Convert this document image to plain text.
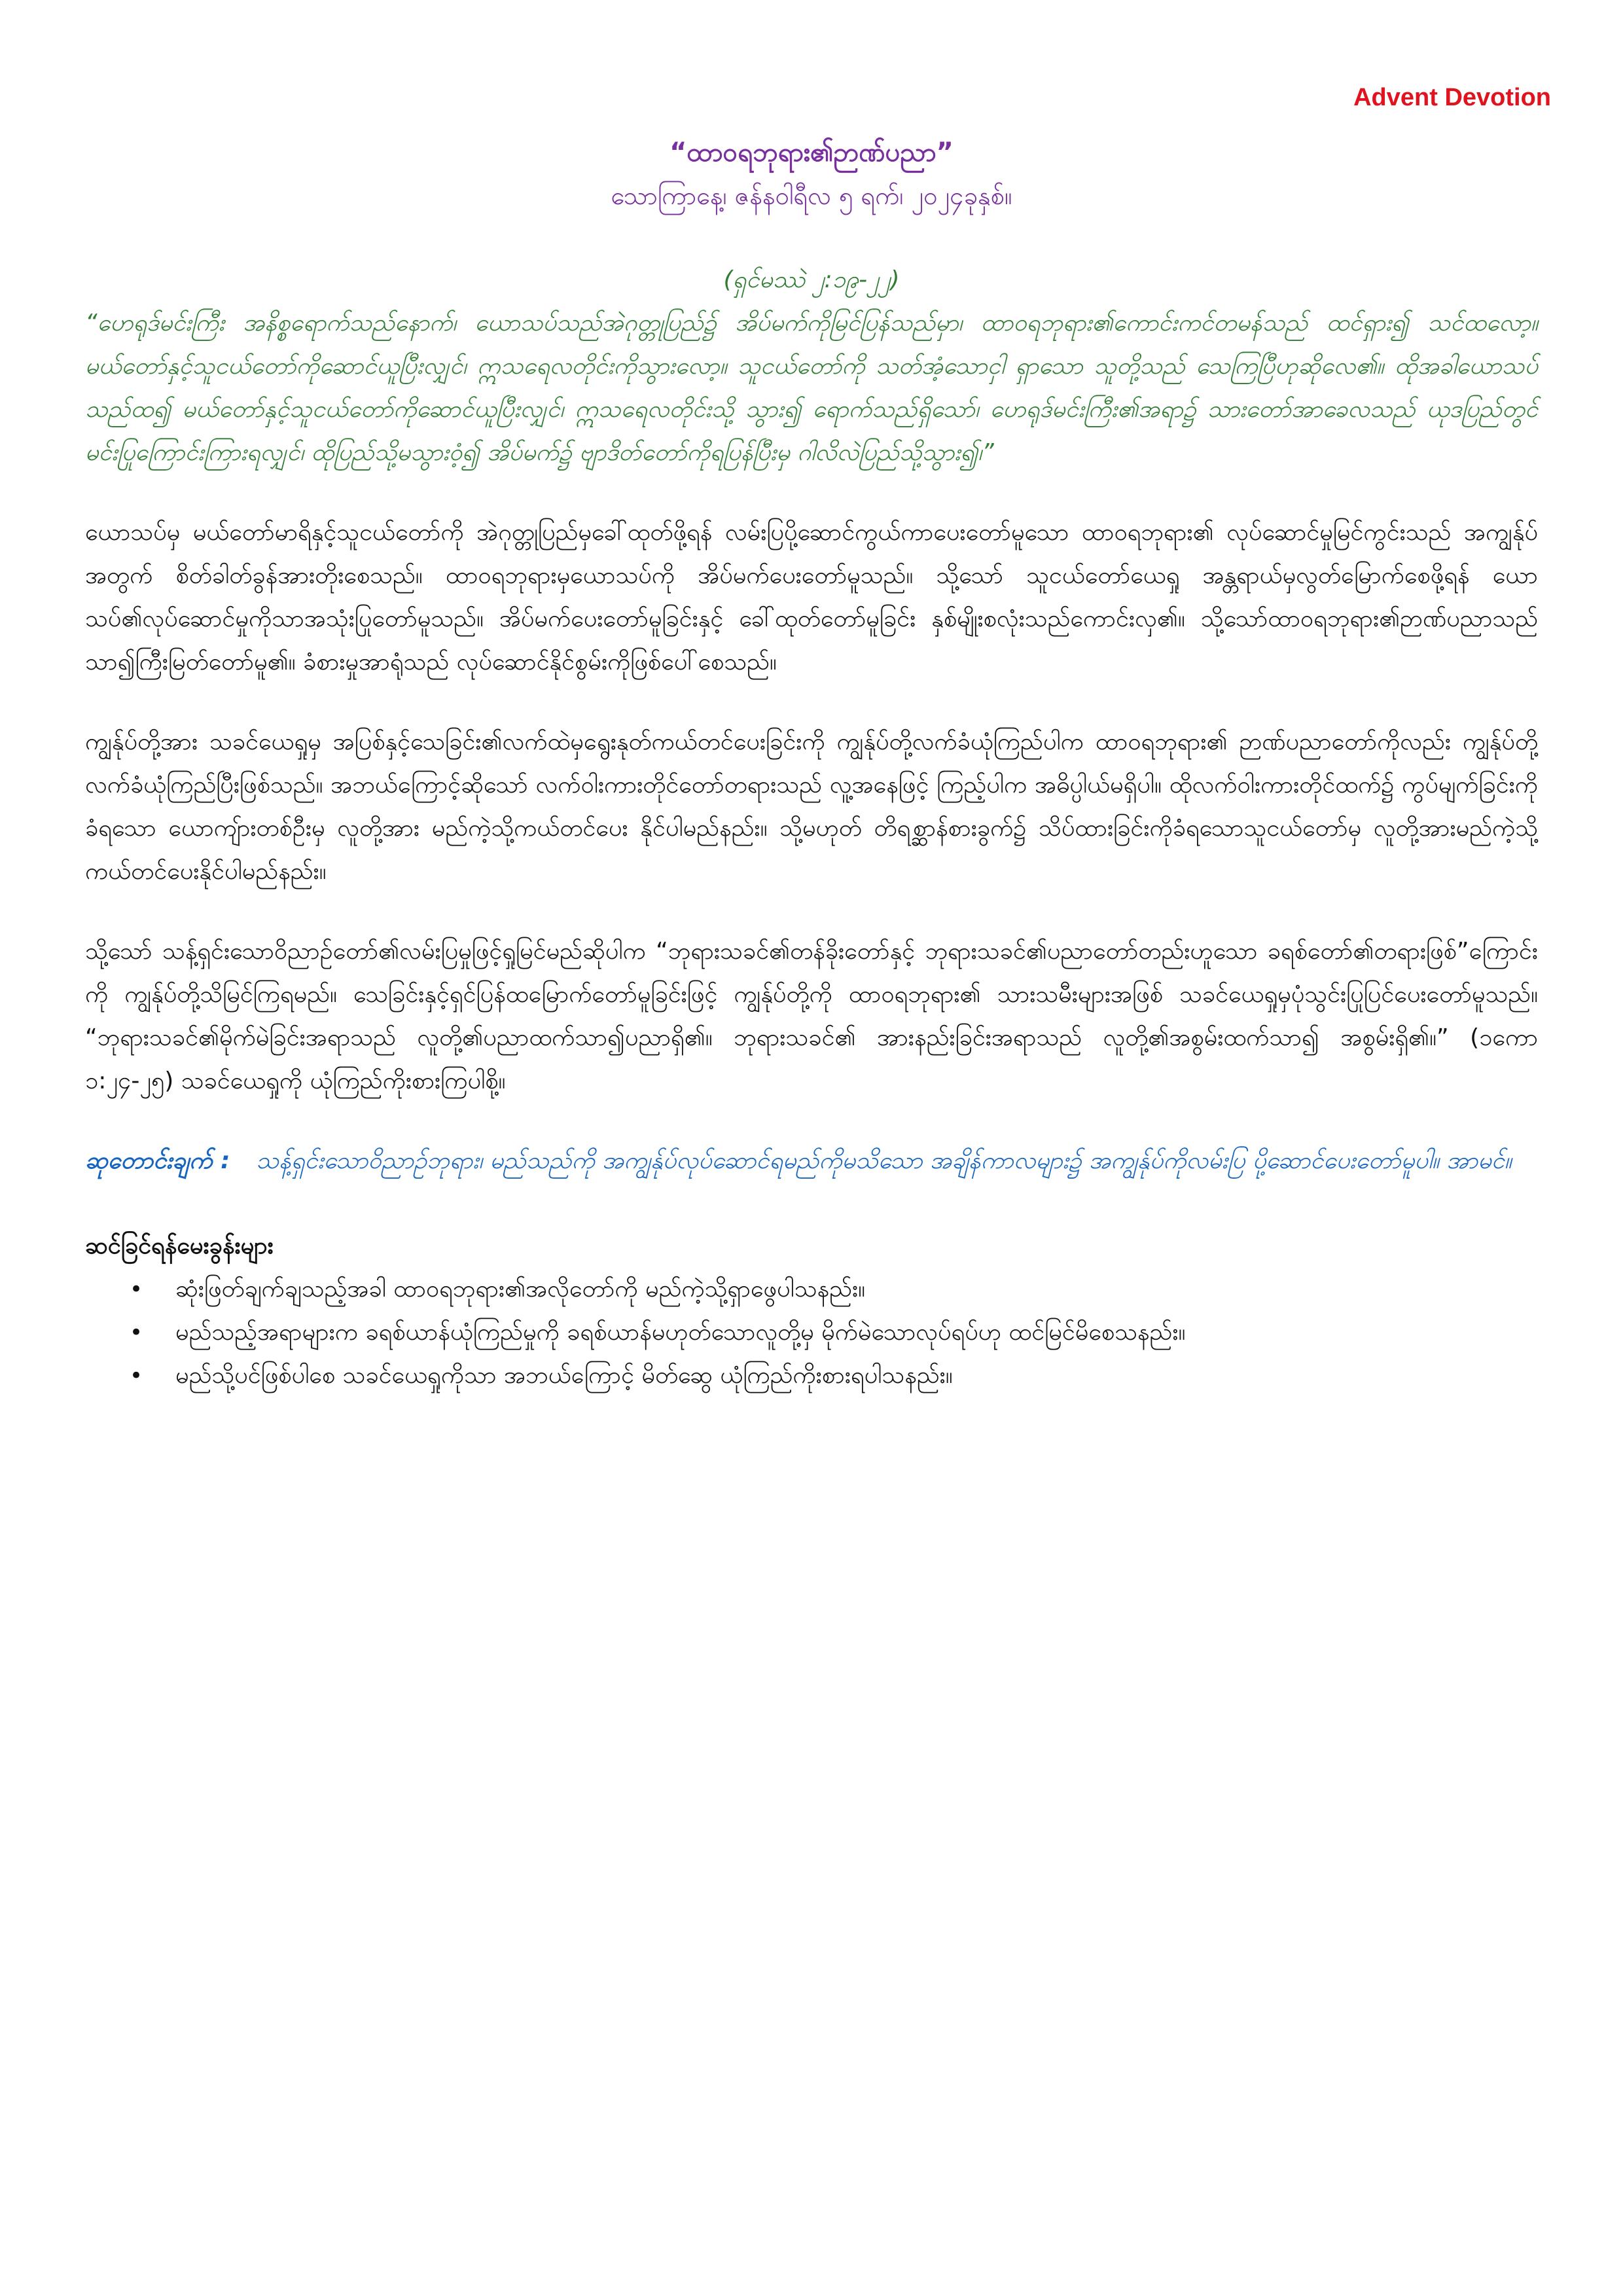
Advent Devotion
“ထာဝရဘုရား၏ဉာဏ်ပညာ”
သောကြာနေ့၊ ဇန်နဝါရီလ ၅ ရက်၊ ၂၀၂၄ခုနှစ်။

(ရှင်မဿဲ ၂:၁၉-၂၂)

“ဟေရုဒ်မင်းကြီး အနိစ္စရောက်သည်နောက်၊ ယောသပ်သည်အဲဂုတ္တုပြည်၌ အိပ်မက်ကိုမြင်ပြန်သည်မှာ၊ ထာဝရဘုရား၏ကောင်းကင်တမန်သည် ထင်ရှား၍ သင်ထလော့။ မယ်တော်နှင့်သူငယ်တော်ကိုဆောင်ယူပြီးလျှင်၊ ဣသရေလတိုင်းကိုသွားလော့။ သူငယ်တော်ကို သတ်အံ့သောငှါ ရှာသော သူတို့သည် သေကြပြီဟုဆိုလေ၏။ ထိုအခါယောသပ်သည်ထ၍ မယ်တော်နှင့်သူငယ်တော်ကိုဆောင်ယူပြီးလျှင်၊ ဣသရေလတိုင်းသို့ သွား၍ ရောက်သည်ရှိသော်၊ ဟေရုဒ်မင်းကြီး၏အရာ၌ သားတော်အာခေလသည် ယုဒပြည်တွင် မင်းပြုကြောင်းကြားရလျှင်၊ ထိုပြည်သို့မသွားဝံ့၍ အိပ်မက်၌ ဗျာဒိတ်တော်ကိုရပြန်ပြီးမှ ဂါလိလဲပြည်သို့သွား၍၊”

ယောသပ်မှ မယ်တော်မာရိနှင့်သူငယ်တော်ကို အဲဂုတ္တုပြည်မှခေါ်ထုတ်ဖို့ရန် လမ်းပြပို့ဆောင်ကွယ်ကာပေးတော်မူသော ထာဝရဘုရား၏ လုပ်ဆောင်မှုမြင်ကွင်းသည် အကျွန်ုပ်အတွက် စိတ်ခါတ်ခွန်အားတိုးစေသည်။ ထာဝရဘုရားမှယောသပ်ကို အိပ်မက်ပေးတော်မူသည်။ သို့သော် သူငယ်တော်ယေရှု အန္တရာယ်မှလွတ်မြောက်စေဖို့ရန် ယောသပ်၏လုပ်ဆောင်မှုကိုသာအသုံးပြုတော်မူသည်။ အိပ်မက်ပေးတော်မူခြင်းနှင့် ခေါ်ထုတ်တော်မူခြင်း နှစ်မျိုးစလုံးသည်ကောင်းလှ၏။ သို့သော်ထာဝရဘုရား၏ဉာဏ်ပညာသည် သာ၍ကြီးမြတ်တော်မူ၏။ ခံစားမှုအာရုံသည် လုပ်ဆောင်နိုင်စွမ်းကိုဖြစ်ပေါ်စေသည်။

ကျွန်ုပ်တို့အား သခင်ယေရှုမှ အပြစ်နှင့်သေခြင်း၏လက်ထဲမှရွေးနုတ်ကယ်တင်ပေးခြင်းကို ကျွန်ုပ်တို့လက်ခံယုံကြည်ပါက ထာဝရဘုရား၏ ဉာဏ်ပညာတော်ကိုလည်း ကျွန်ုပ်တို့လက်ခံယုံကြည်ပြီးဖြစ်သည်။ အဘယ်ကြောင့်ဆိုသော် လက်ဝါးကားတိုင်တော်တရားသည် လူ့အနေဖြင့် ကြည့်ပါက အဓိပ္ပါယ်မရှိပါ။ ထိုလက်ဝါးကားတိုင်ထက်၌ ကွပ်မျက်ခြင်းကိုခံရသော ယောကျ်ားတစ်ဦးမှ လူတို့အား မည်ကဲ့သို့ကယ်တင်ပေး နိုင်ပါမည်နည်း။ သို့မဟုတ် တိရစ္ဆာန်စားခွက်၌ သိပ်ထားခြင်းကိုခံရသောသူငယ်တော်မှ လူတို့အားမည်ကဲ့သို့ကယ်တင်ပေးနိုင်ပါမည်နည်း။

သို့သော် သန့်ရှင်းသောဝိညာဉ်တော်၏လမ်းပြမှုဖြင့်ရှုမြင်မည်ဆိုပါက “ဘုရားသခင်၏တန်ခိုးတော်နှင့် ဘုရားသခင်၏ပညာတော်တည်းဟူသော ခရစ်တော်၏တရားဖြစ်”ကြောင်းကို ကျွန်ုပ်တို့သိမြင်ကြရမည်။ သေခြင်းနှင့်ရှင်ပြန်ထမြောက်တော်မူခြင်းဖြင့် ကျွန်ုပ်တို့ကို ထာဝရဘုရား၏ သားသမီးများအဖြစ် သခင်ယေရှုမှပုံသွင်းပြုပြင်ပေးတော်မူသည်။ “ဘုရားသခင်၏မိုက်မဲခြင်းအရာသည် လူတို့၏ပညာထက်သာ၍ပညာရှိ၏။ ဘုရားသခင်၏ အားနည်းခြင်းအရာသည် လူတို့၏အစွမ်းထက်သာ၍ အစွမ်းရှိ၏။” (၁ကော ၁:၂၄-၂၅) သခင်ယေရှုကို ယုံကြည်ကိုးစားကြပါစို့။

ဆုတောင်းချက် : သန့်ရှင်းသောဝိညာဉ်ဘုရား၊ မည်သည်ကို အကျွန်ုပ်လုပ်ဆောင်ရမည်ကိုမသိသော အချိန်ကာလများ၌ အကျွန်ုပ်ကိုလမ်းပြ ပို့ဆောင်ပေးတော်မူပါ။ အာမင်။

ဆင်ခြင်ရန်မေးခွန်းများ

•	ဆုံးဖြတ်ချက်ချသည့်အခါ ထာဝရဘုရား၏အလိုတော်ကို မည်ကဲ့သို့ရှာဖွေပါသနည်း။
•	မည်သည့်အရာများက ခရစ်ယာန်ယုံကြည်မှုကို ခရစ်ယာန်မဟုတ်သောလူတို့မှ မိုက်မဲသောလုပ်ရပ်ဟု ထင်မြင်မိစေသနည်း။
•	မည်သို့ပင်ဖြစ်ပါစေ သခင်ယေရှုကိုသာ အဘယ်ကြောင့် မိတ်ဆွေ ယုံကြည်ကိုးစားရပါသနည်း။
